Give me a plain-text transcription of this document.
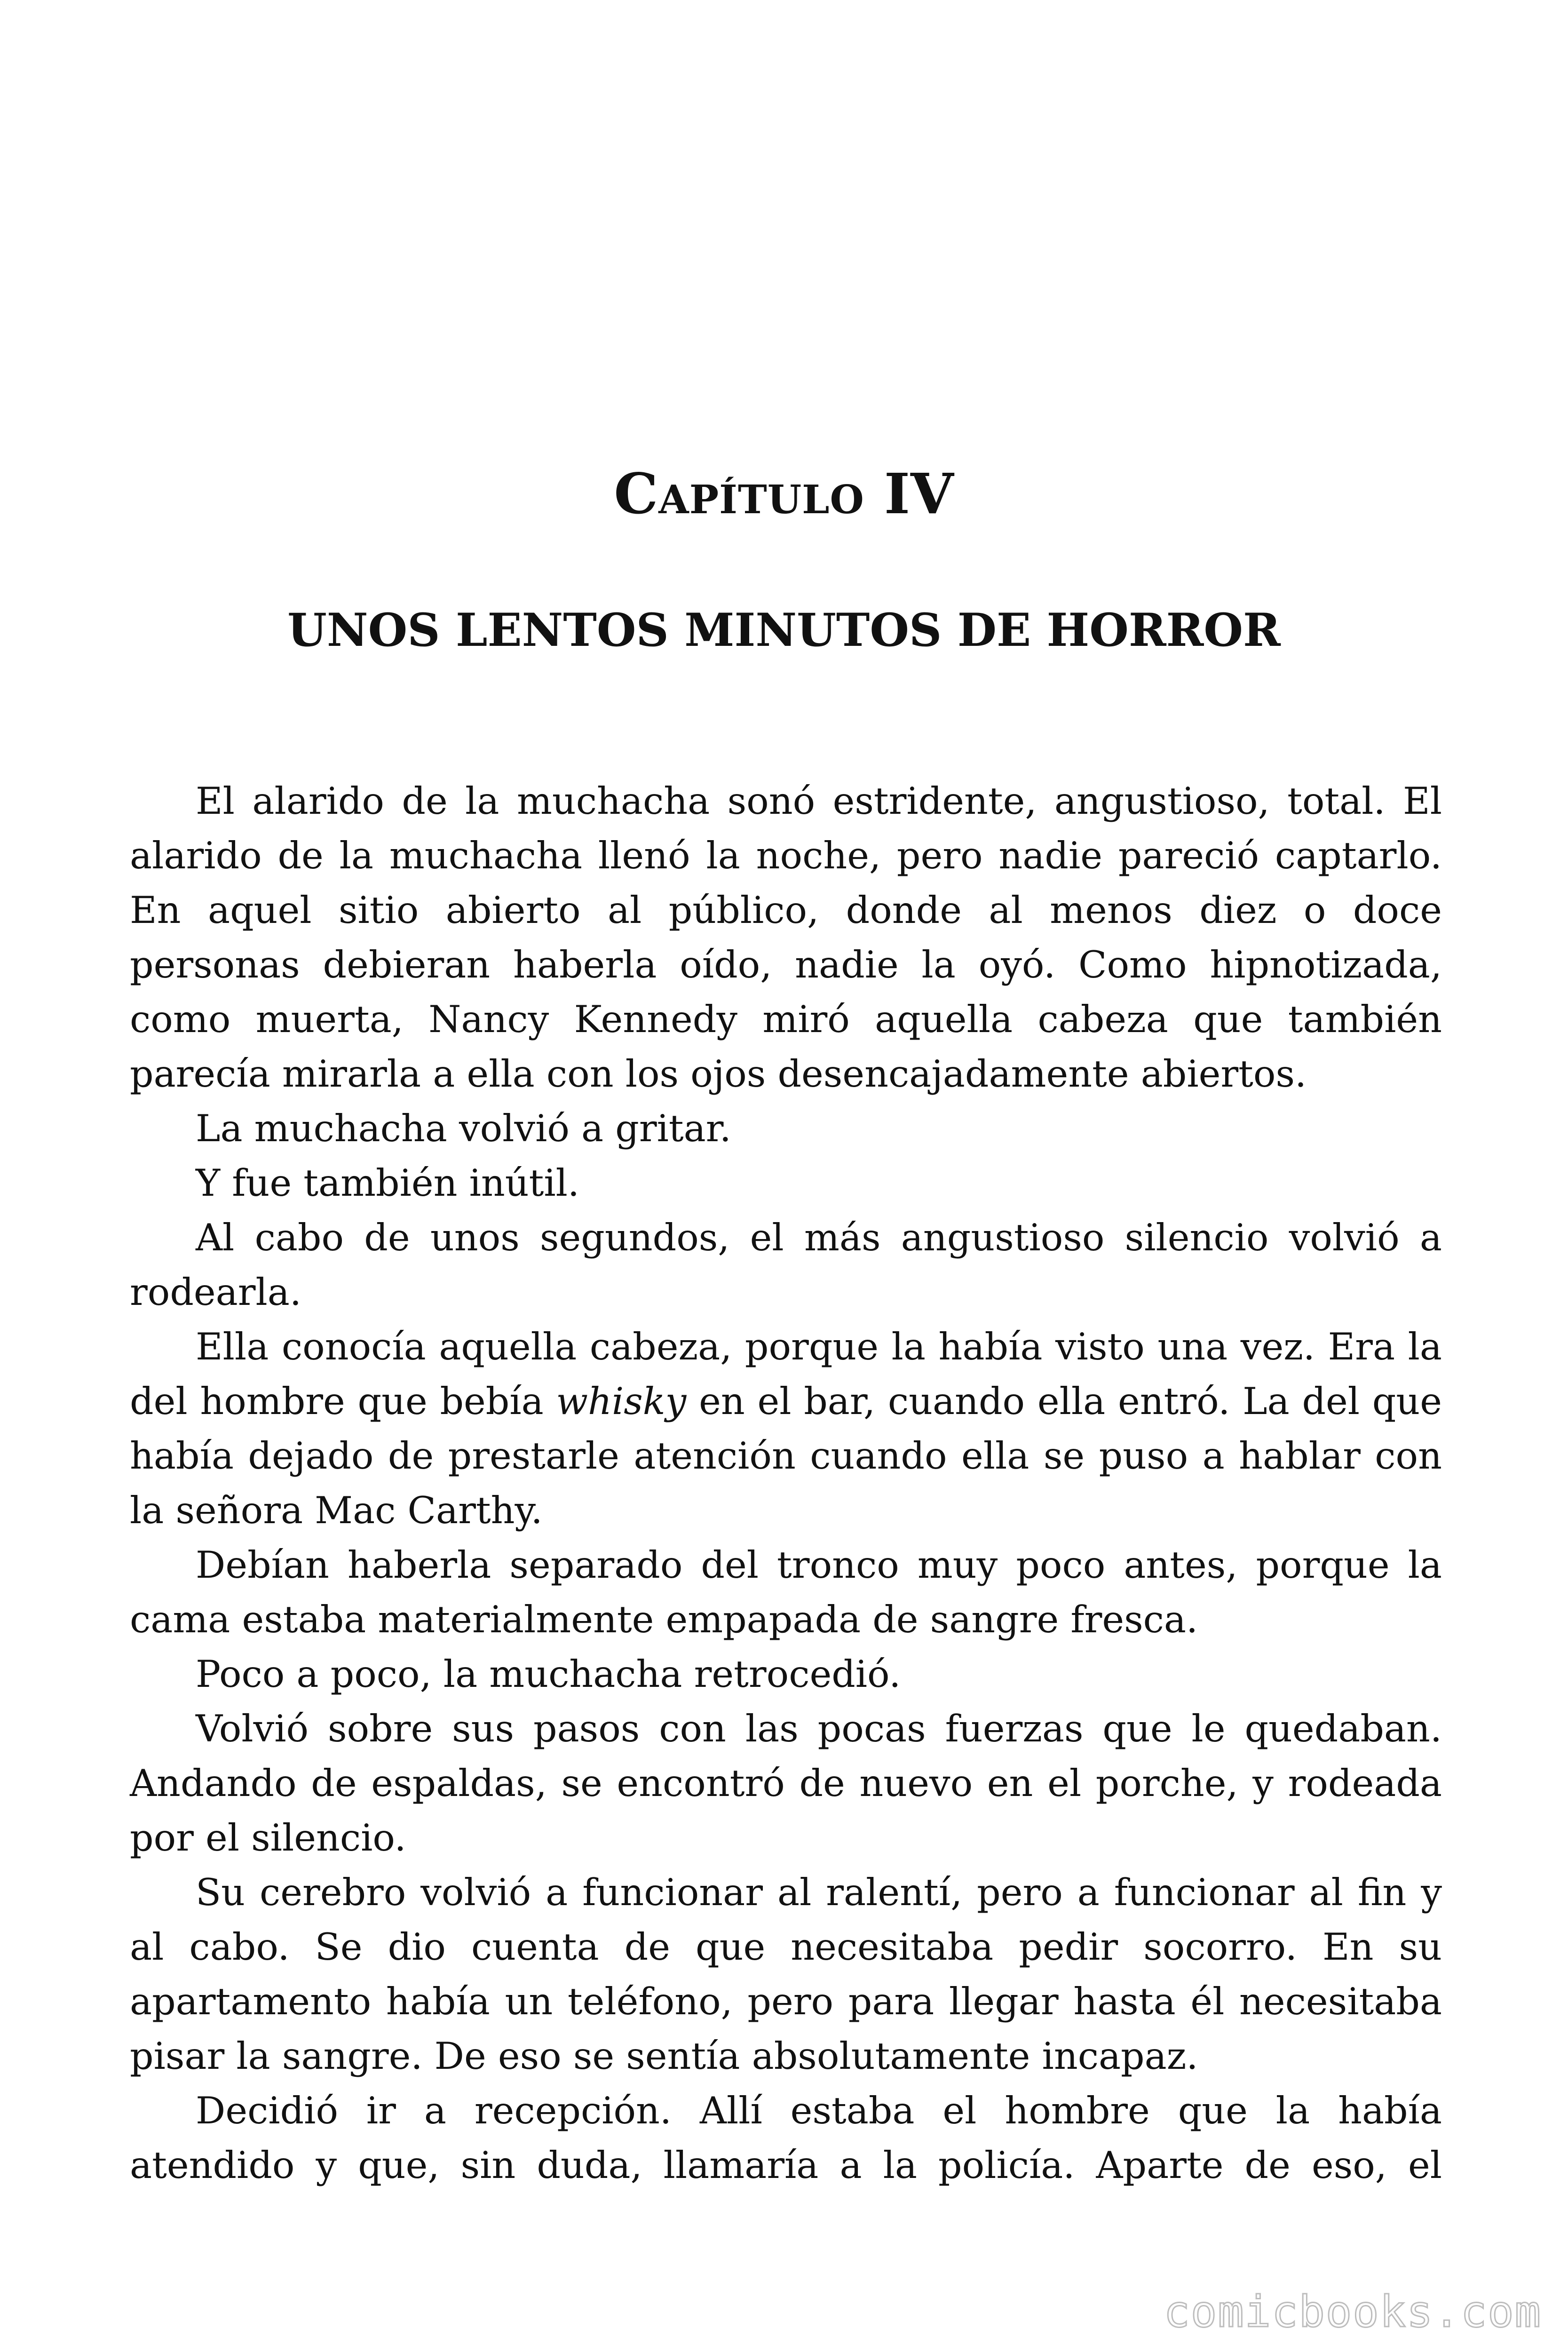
Capítulo IV
UNOS LENTOS MINUTOS DE HORROR

El alarido de la muchacha sonó estridente, angustioso, total. El alarido de la muchacha llenó la noche, pero nadie pareció captarlo. En aquel sitio abierto al público, donde al menos diez o doce personas debieran haberla oído, nadie la oyó. Como hipnotizada, como muerta, Nancy Kennedy miró aquella cabeza que también parecía mirarla a ella con los ojos desencajadamente abiertos.

La muchacha volvió a gritar.

Y fue también inútil.

Al cabo de unos segundos, el más angustioso silencio volvió a rodearla.

Ella conocía aquella cabeza, porque la había visto una vez. Era la del hombre que bebía whisky en el bar, cuando ella entró. La del que había dejado de prestarle atención cuando ella se puso a hablar con la señora Mac Carthy.

Debían haberla separado del tronco muy poco antes, porque la cama estaba materialmente empapada de sangre fresca.

Poco a poco, la muchacha retrocedió.

Volvió sobre sus pasos con las pocas fuerzas que le quedaban. Andando de espaldas, se encontró de nuevo en el porche, y rodeada por el silencio.

Su cerebro volvió a funcionar al ralentí, pero a funcionar al fin y al cabo. Se dio cuenta de que necesitaba pedir socorro. En su apartamento había un teléfono, pero para llegar hasta él necesitaba pisar la sangre. De eso se sentía absolutamente incapaz.

Decidió ir a recepción. Allí estaba el hombre que la había atendido y que, sin duda, llamaría a la policía. Aparte de eso, el

comicbooks.com
